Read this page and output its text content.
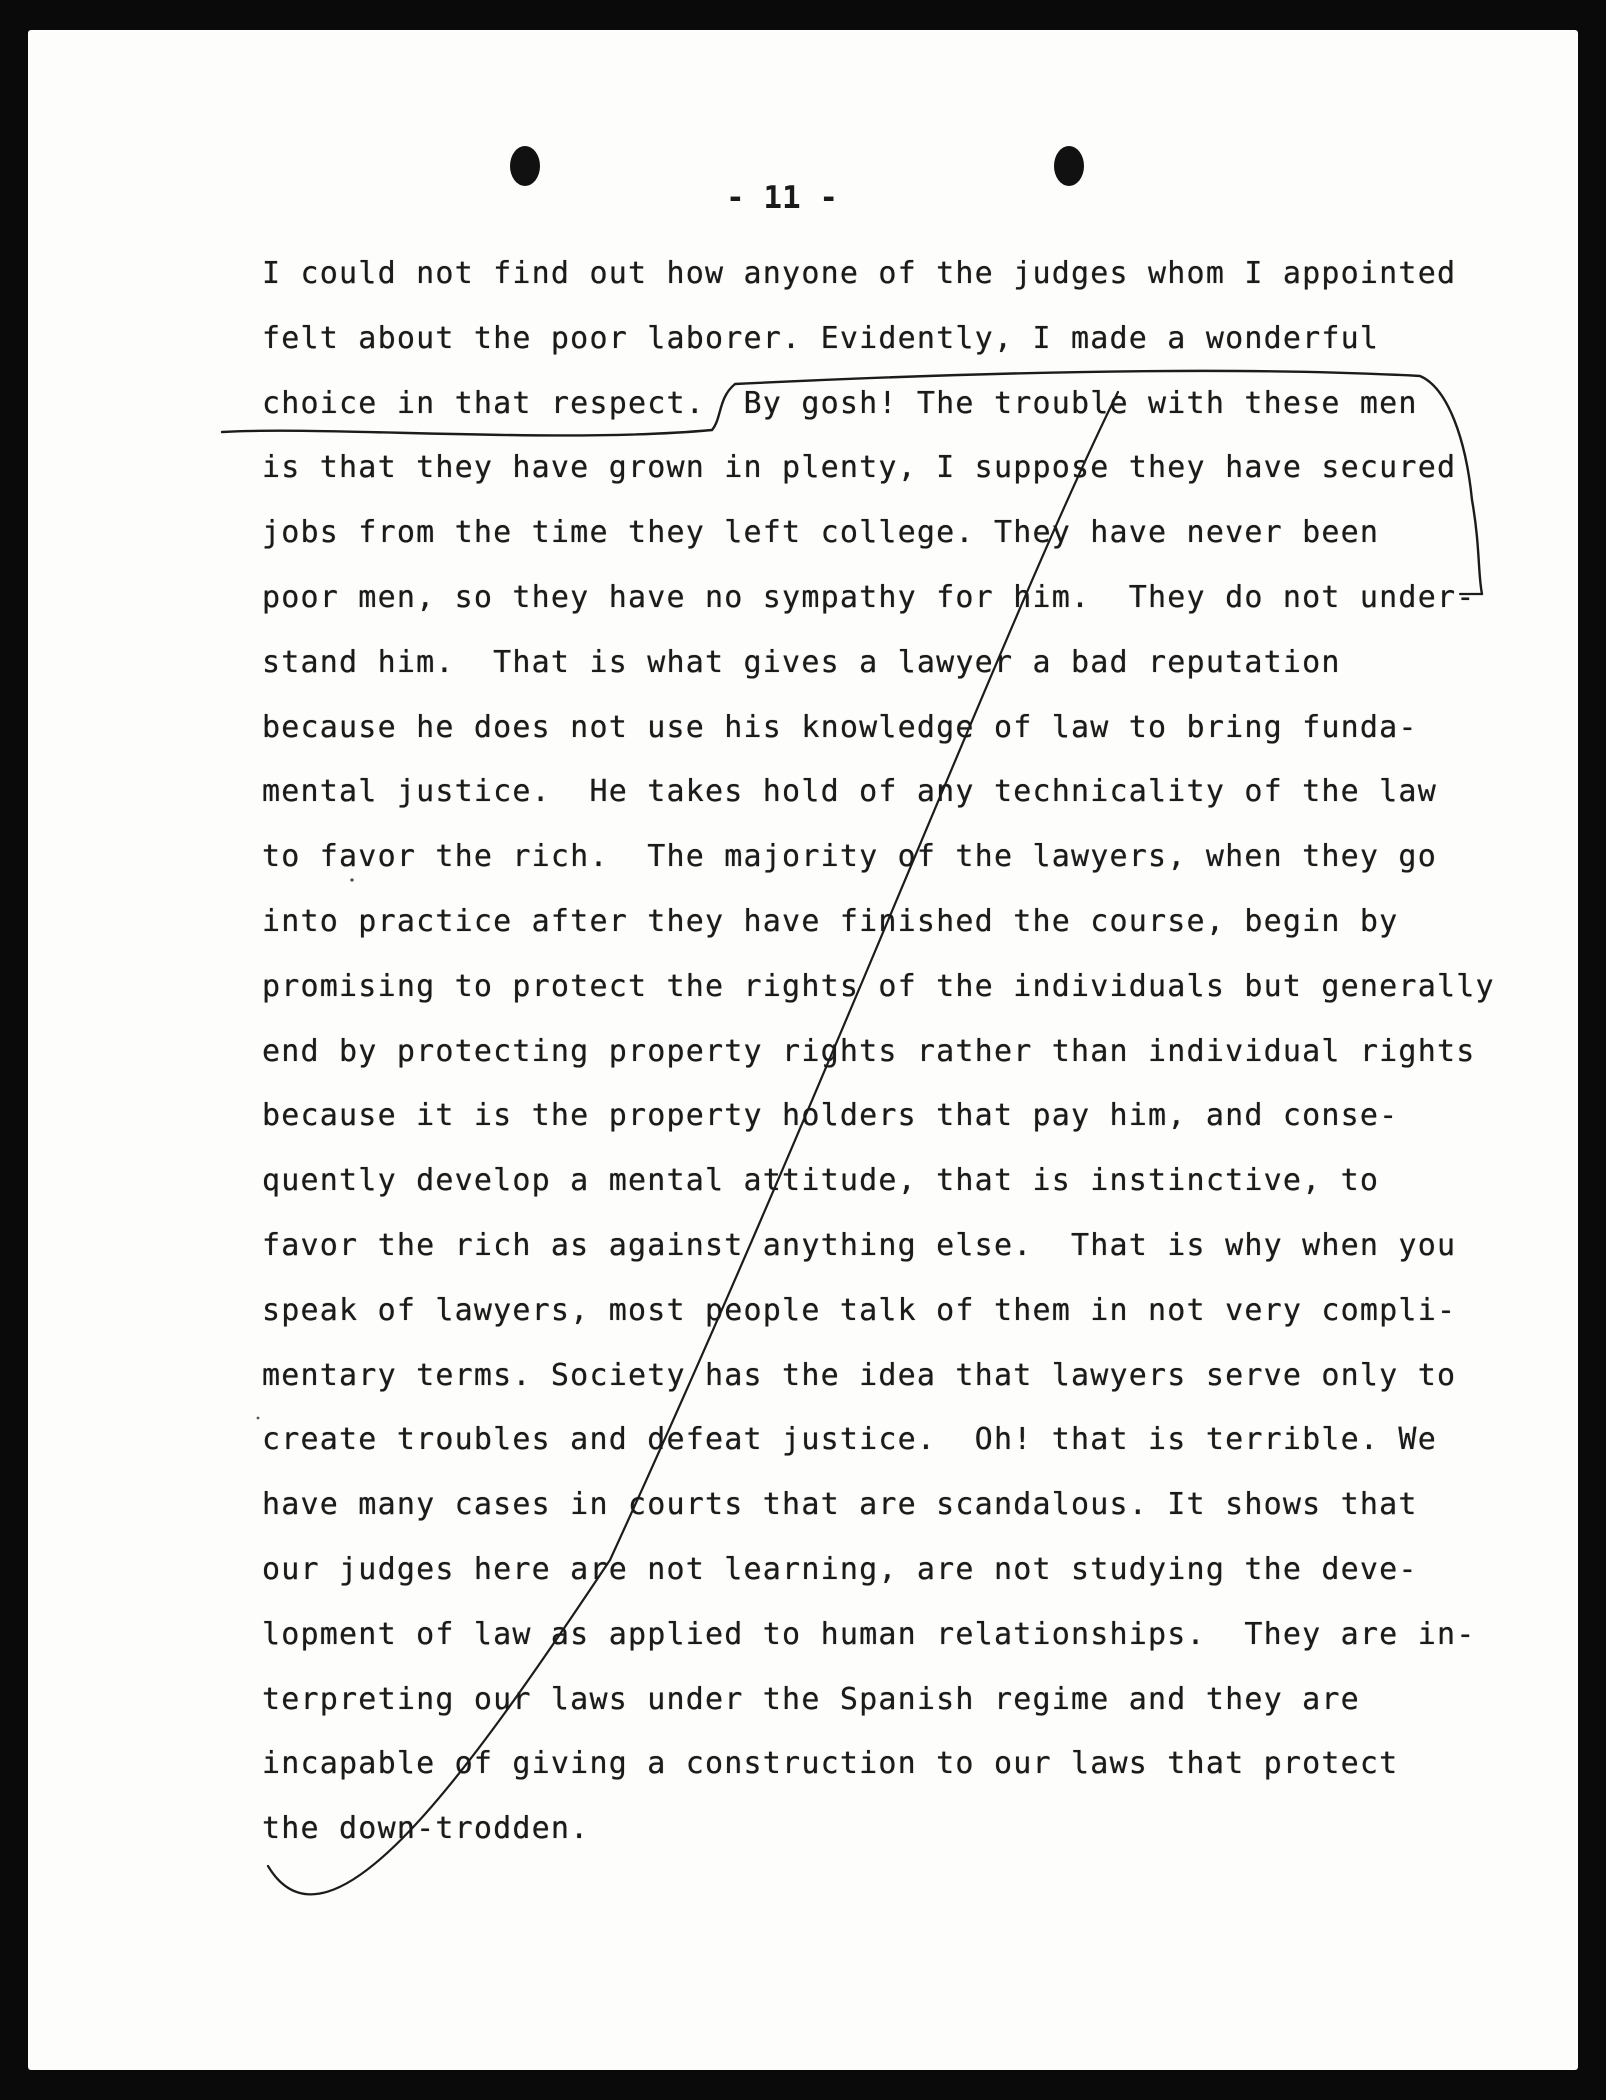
- 11 -
I could not find out how anyone of the judges whom I appointed
felt about the poor laborer. Evidently, I made a wonderful
choice in that respect.  By gosh! The trouble with these men
is that they have grown in plenty, I suppose they have secured
jobs from the time they left college. They have never been
poor men, so they have no sympathy for him.  They do not under-
stand him.  That is what gives a lawyer a bad reputation
because he does not use his knowledge of law to bring funda-
mental justice.  He takes hold of any technicality of the law
to favor the rich.  The majority of the lawyers, when they go
into practice after they have finished the course, begin by
promising to protect the rights of the individuals but generally
end by protecting property rights rather than individual rights
because it is the property holders that pay him, and conse-
quently develop a mental attitude, that is instinctive, to
favor the rich as against anything else.  That is why when you
speak of lawyers, most people talk of them in not very compli-
mentary terms. Society has the idea that lawyers serve only to
create troubles and defeat justice.  Oh! that is terrible. We
have many cases in courts that are scandalous. It shows that
our judges here are not learning, are not studying the deve-
lopment of law as applied to human relationships.  They are in-
terpreting our laws under the Spanish regime and they are
incapable of giving a construction to our laws that protect
the down-trodden.
